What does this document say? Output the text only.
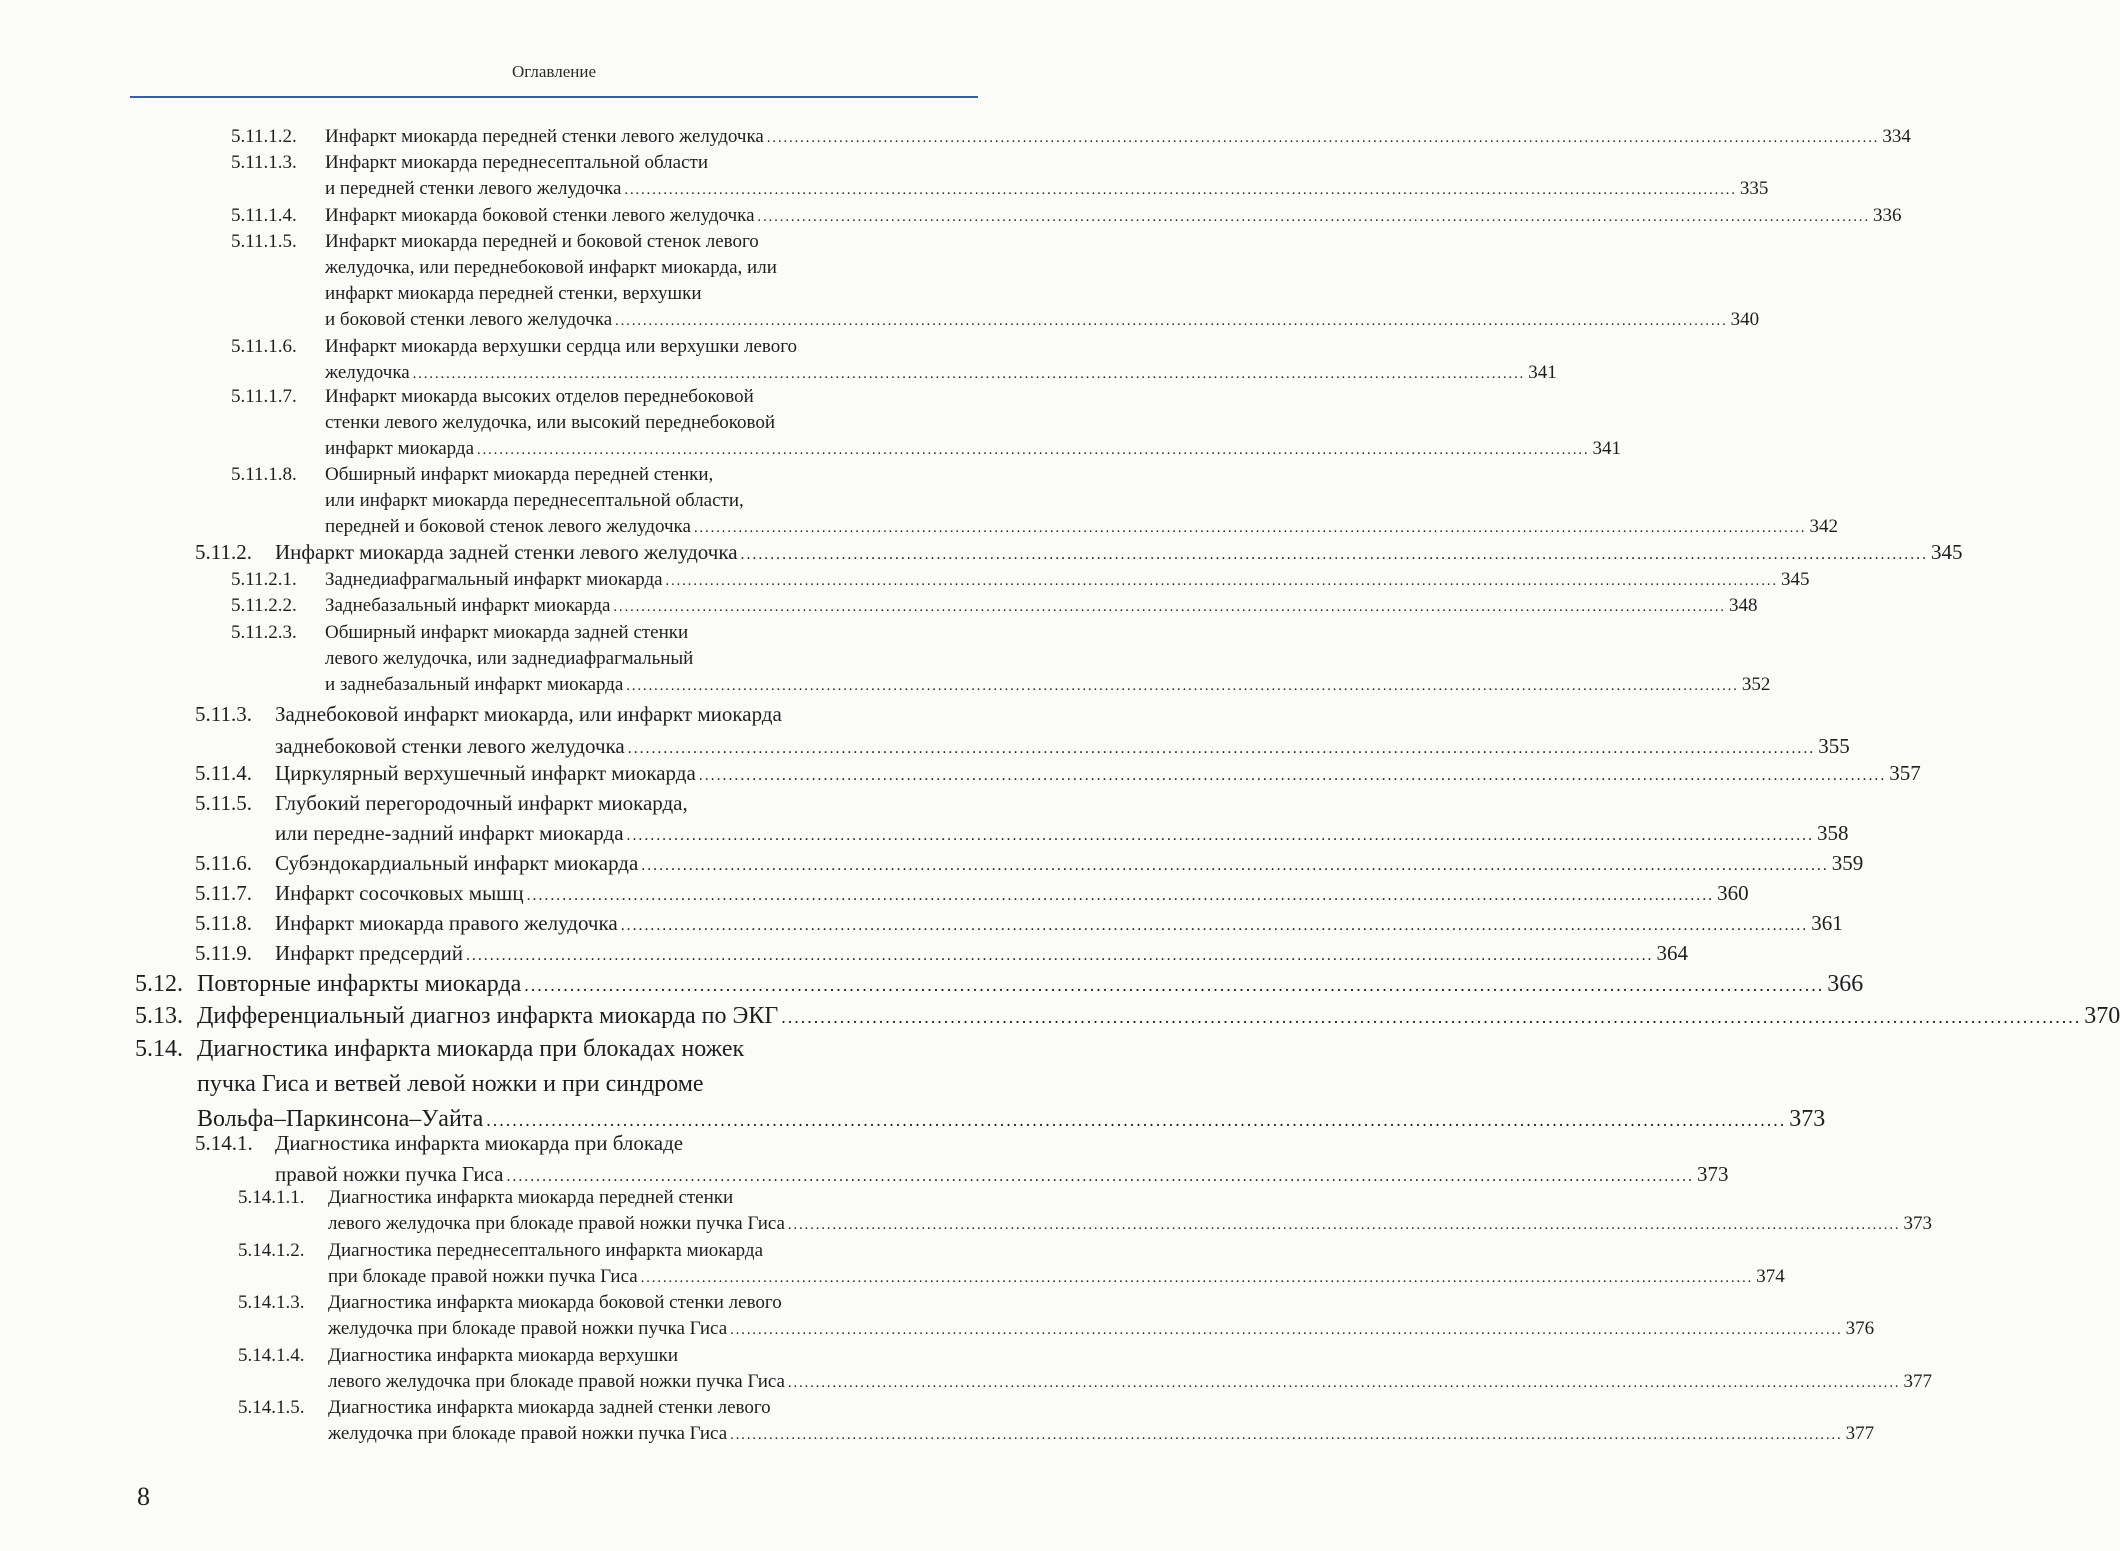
Оглавление
5.11.1.2. Инфаркт миокарда передней стенки левого желудочка ........................................................................................................................................................................................................ 334
5.11.1.3. Инфаркт миокарда переднесептальной области
и передней стенки левого желудочка ........................................................................................................................................................................................................ 335
5.11.1.4. Инфаркт миокарда боковой стенки левого желудочка ........................................................................................................................................................................................................ 336
5.11.1.5. Инфаркт миокарда передней и боковой стенок левого
желудочка, или переднебоковой инфаркт миокарда, или
инфаркт миокарда передней стенки, верхушки
и боковой стенки левого желудочка ........................................................................................................................................................................................................ 340
5.11.1.6. Инфаркт миокарда верхушки сердца или верхушки левого
желудочка ........................................................................................................................................................................................................ 341
5.11.1.7. Инфаркт миокарда высоких отделов переднебоковой
стенки левого желудочка, или высокий переднебоковой
инфаркт миокарда ........................................................................................................................................................................................................ 341
5.11.1.8. Обширный инфаркт миокарда передней стенки,
или инфаркт миокарда переднесептальной области,
передней и боковой стенок левого желудочка ........................................................................................................................................................................................................ 342
5.11.2. Инфаркт миокарда задней стенки левого желудочка ........................................................................................................................................................................................................ 345
5.11.2.1. Заднедиафрагмальный инфаркт миокарда ........................................................................................................................................................................................................ 345
5.11.2.2. Заднебазальный инфаркт миокарда ........................................................................................................................................................................................................ 348
5.11.2.3. Обширный инфаркт миокарда задней стенки
левого желудочка, или заднедиафрагмальный
и заднебазальный инфаркт миокарда ........................................................................................................................................................................................................ 352
5.11.3. Заднебоковой инфаркт миокарда, или инфаркт миокарда
заднебоковой стенки левого желудочка ........................................................................................................................................................................................................ 355
5.11.4. Циркулярный верхушечный инфаркт миокарда ........................................................................................................................................................................................................ 357
5.11.5. Глубокий перегородочный инфаркт миокарда,
или передне-задний инфаркт миокарда ........................................................................................................................................................................................................ 358
5.11.6. Субэндокардиальный инфаркт миокарда ........................................................................................................................................................................................................ 359
5.11.7. Инфаркт сосочковых мышц ........................................................................................................................................................................................................ 360
5.11.8. Инфаркт миокарда правого желудочка ........................................................................................................................................................................................................ 361
5.11.9. Инфаркт предсердий ........................................................................................................................................................................................................ 364
5.12. Повторные инфаркты миокарда ........................................................................................................................................................................................................ 366
5.13. Дифференциальный диагноз инфаркта миокарда по ЭКГ ........................................................................................................................................................................................................ 370
5.14. Диагностика инфаркта миокарда при блокадах ножек
пучка Гиса и ветвей левой ножки и при синдроме
Вольфа–Паркинсона–Уайта ........................................................................................................................................................................................................ 373
5.14.1. Диагностика инфаркта миокарда при блокаде
правой ножки пучка Гиса ........................................................................................................................................................................................................ 373
5.14.1.1. Диагностика инфаркта миокарда передней стенки
левого желудочка при блокаде правой ножки пучка Гиса ........................................................................................................................................................................................................ 373
5.14.1.2. Диагностика переднесептального инфаркта миокарда
при блокаде правой ножки пучка Гиса ........................................................................................................................................................................................................ 374
5.14.1.3. Диагностика инфаркта миокарда боковой стенки левого
желудочка при блокаде правой ножки пучка Гиса ........................................................................................................................................................................................................ 376
5.14.1.4. Диагностика инфаркта миокарда верхушки
левого желудочка при блокаде правой ножки пучка Гиса ........................................................................................................................................................................................................ 377
5.14.1.5. Диагностика инфаркта миокарда задней стенки левого
желудочка при блокаде правой ножки пучка Гиса ........................................................................................................................................................................................................ 377
8
